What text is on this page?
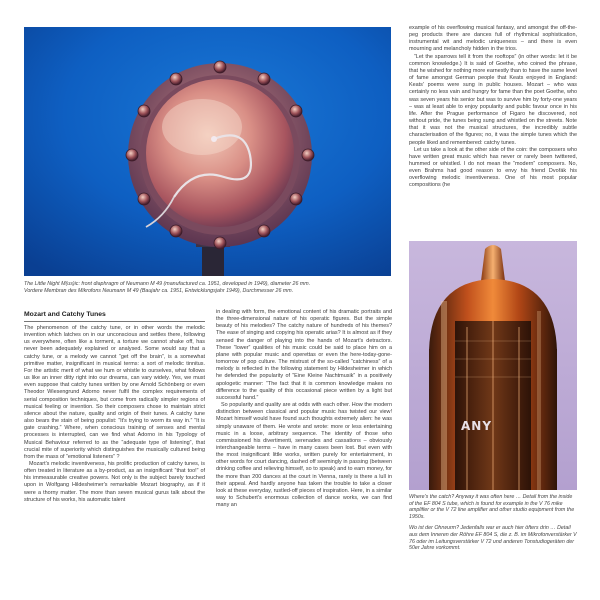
The Little Night M(us)ic: front diaphragm of Neumann M 49 (manufactured ca. 1951, developed in 1949), diameter 26 mm.

Vordere Membran des Mikrofons Neumann M 49 (Baujahr ca. 1951, Entwicklungsjahr 1949), Durchmesser 26 mm.

Mozart and Catchy Tunes

The phenomenon of the catchy tune, or in other words the melodic invention which latches on in our unconscious and settles there, following us everywhere, often like a torment, a torture we cannot shake off, has never been adequately explained or analysed. Some would say that a catchy tune, or a melody we cannot “get off the brain”, is a somewhat primitive matter, insignificant in musical terms: a sort of melodic tinnitus. For the artistic merit of what we hum or whistle to ourselves, what follows us like an inner ditty right into our dreams, can vary widely. Yes, we must even suppose that catchy tunes written by one Arnold Schönberg or even Theodor Wiesengrund Adorno never fulfil the complex requirements of serial composition techniques, but come from radically simpler regions of musical feeling or invention. So their composers chose to maintain strict silence about the nature, quality and origin of their tunes. A catchy tune also bears the stain of being populist: “It's trying to worm its way in.” “It is gate crashing.” Where, when conscious training of senses and mental processes is interrupted, can we find what Adorno in his Typology of Musical Behaviour referred to as the “adequate type of listening”, that crucial mite of superiority which distinguishes the musically cultured being from the mass of “emotional listeners” ?

Mozart's melodic inventiveness, his prolific production of catchy tunes, is often treated in literature as a by-product, as an insignificant “that too!” of his immeasurable creative powers. Not only is the subject barely touched upon in Wolfgang Hildesheimer's remarkable Mozart biography, as if it were a thorny matter. The more than seven musical gurus talk about the structure of his works, his automatic talent

in dealing with form, the emotional content of his dramatic portraits and the three-dimensional nature of his operatic figures. But the simple beauty of his melodies? The catchy nature of hundreds of his themes? The ease of singing and copying his operatic arias? It is almost as if they sensed the danger of playing into the hands of Mozart's detractors. These “lower” qualities of his music could be said to place him on a plane with popular music and operettas or even the here-today-gone-tomorrow of pop culture. The mistrust of the so-called “catchiness” of a melody is reflected in the following statement by Hildesheimer in which he defended the popularity of “Eine Kleine Nachtmusik” in a positively apologetic manner: “The fact that it is common knowledge makes no difference to the quality of this occasional piece written by a light but successful hand.”

So popularity and quality are at odds with each other. How the modern distinction between classical and popular music has twisted our view! Mozart himself would have found such thoughts extremely alien: he was simply unaware of them. He wrote and wrote: more or less entertaining music in a loose, arbitrary sequence. The identity of those who commissioned his divertimenti, serenades and cassations – obviously interchangeable terms – have in many cases been lost. But even with the most insignificant little works, written purely for entertainment, in other words for court dancing, dashed off seemingly in passing (between drinking coffee and relieving himself, so to speak) and to earn money, for the more than 200 dances at the court in Vienna, rarely is there a lull in their appeal. And hardly anyone has taken the trouble to take a closer look at these everyday, rustled-off pieces of inspiration. Here, in a similar way to Schubert's enormous collection of dance works, we can find many an

example of his overflowing musical fantasy, and amongst the off-the-peg products there are dances full of rhythmical sophistication, instrumental wit and melodic uniqueness – and there is even mourning and melancholy hidden in the trios.

“Let the sparrows tell it from the rooftops” (in other words: let it be common knowledge.) It is said of Goethe, who coined the phrase, that he wished for nothing more earnestly than to have the same level of fame amongst German people that Keats enjoyed in England: Keats' poems were sung in public houses. Mozart – who was certainly no less vain and hungry for fame than the poet Goethe, who was seven years his senior but was to survive him by forty-one years – was at least able to enjoy popularity and public favour once in his life. After the Prague performance of Figaro he discovered, not without pride, the tunes being sung and whistled on the streets. Note that it was not the musical structures, the incredibly subtle characterisation of the figures; no, it was the simple tunes which the people liked and remembered: catchy tunes.

Let us take a look at the other side of the coin: the composers who have written great music which has never or rarely been twittered, hummed or whistled. I do not mean the “modern” composers. No, even Brahms had good reason to envy his friend Dvořák his overflowing melodic inventiveness. One of his most popular compositions (he

ANY

Where's the catch? Anyway it was often here … Detail from the inside of the EF 804 S tube, which is found for example in the V 76 mike amplifier or the V 72 line amplifier and other studio equipment from the 1950s.

Wo ist der Ohrwurm? Jedenfalls war er auch hier öfters drin … Detail aus dem Inneren der Röhre EF 804 S, die z. B. im Mikrofonverstärker V 76 oder im Leitungsverstärker V 72 und anderen Tonstudiogeräten der 50er Jahre vorkommt.
